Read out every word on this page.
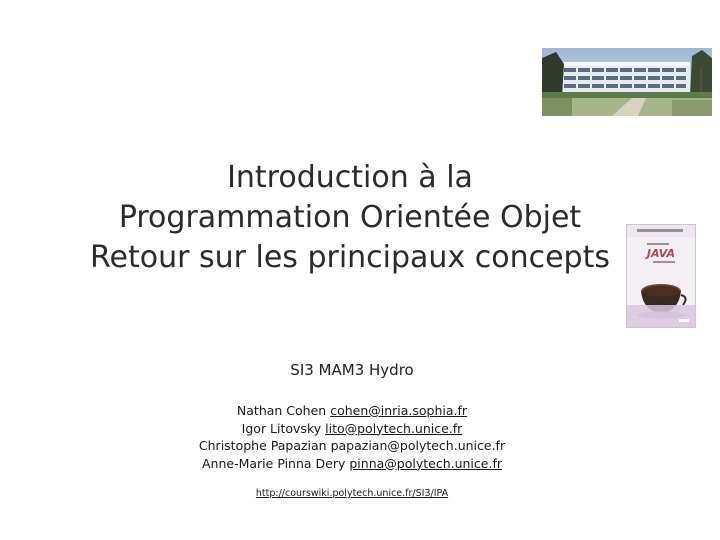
JAVA
Introduction à la
Programmation Orientée Objet
Retour sur les principaux concepts
SI3 MAM3 Hydro
Nathan Cohen cohen@inria.sophia.fr
Igor Litovsky lito@polytech.unice.fr
Christophe Papazian papazian@polytech.unice.fr
Anne-Marie Pinna Dery pinna@polytech.unice.fr
http://courswiki.polytech.unice.fr/SI3/IPA
